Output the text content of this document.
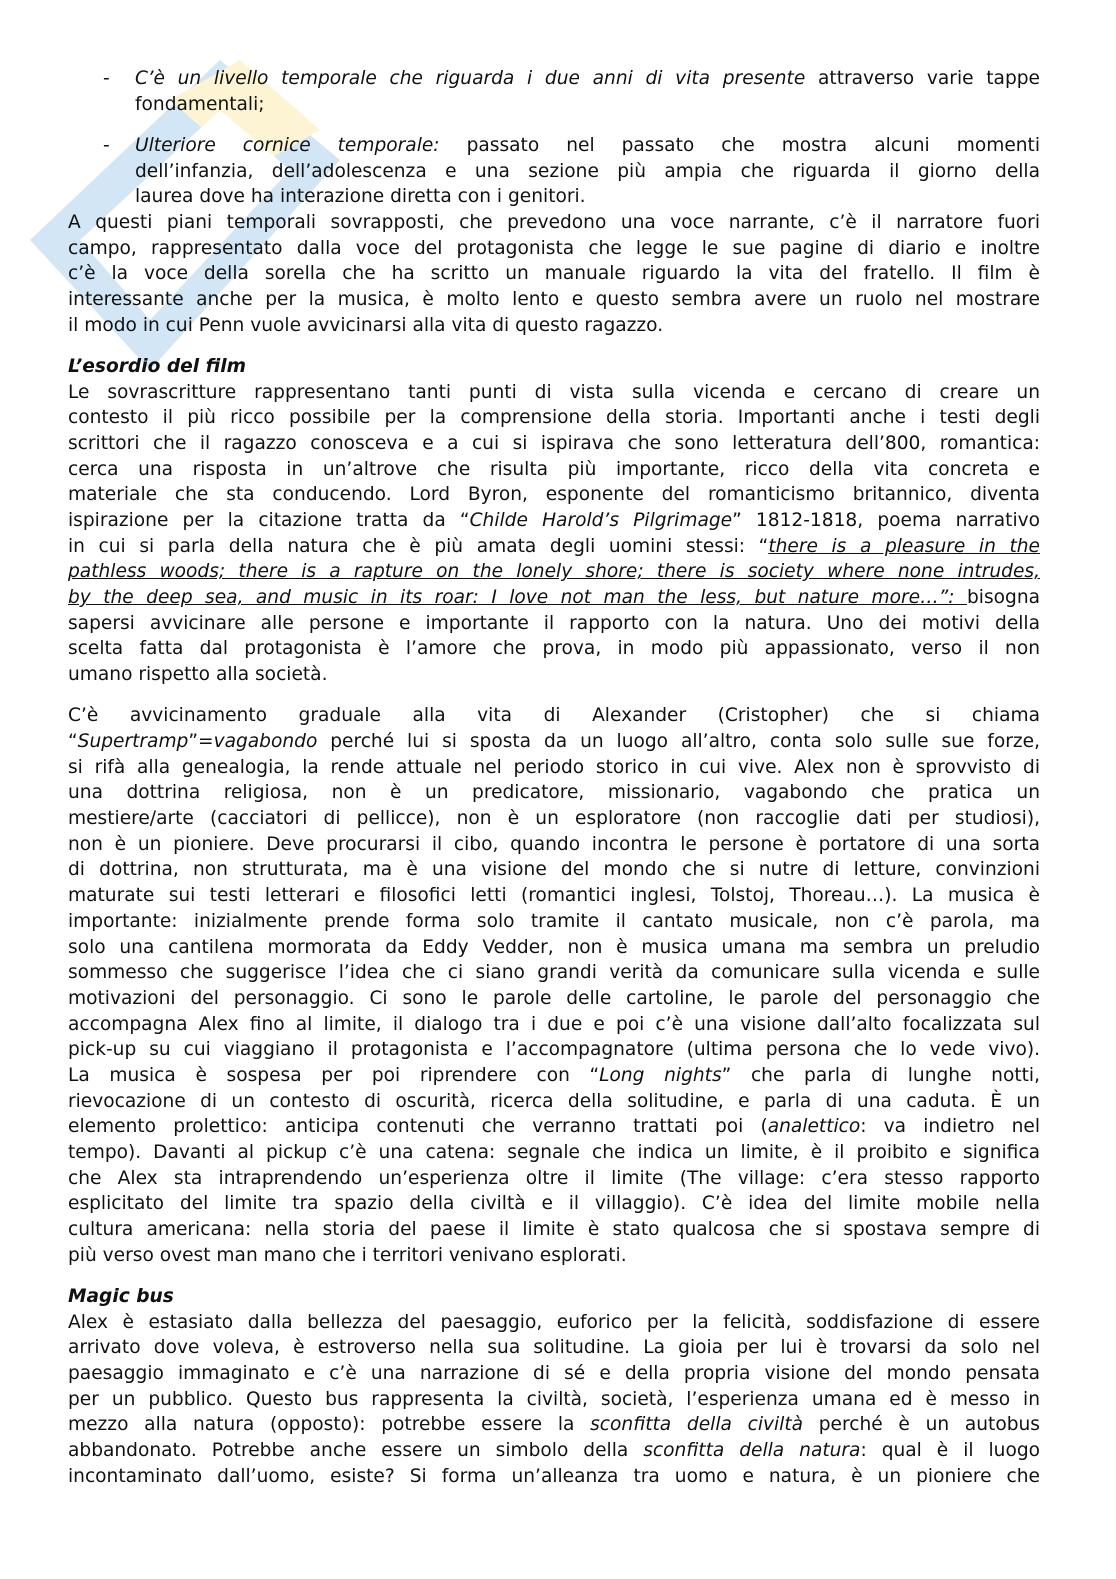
- C’è un livello temporale che riguarda i due anni di vita presente attraverso varie tappe
fondamentali;
- Ulteriore cornice temporale: passato nel passato che mostra alcuni momenti
dell’infanzia, dell’adolescenza e una sezione più ampia che riguarda il giorno della
laurea dove ha interazione diretta con i genitori.
A questi piani temporali sovrapposti, che prevedono una voce narrante, c’è il narratore fuori
campo, rappresentato dalla voce del protagonista che legge le sue pagine di diario e inoltre
c’è la voce della sorella che ha scritto un manuale riguardo la vita del fratello. Il film è
interessante anche per la musica, è molto lento e questo sembra avere un ruolo nel mostrare
il modo in cui Penn vuole avvicinarsi alla vita di questo ragazzo.
L’esordio del film
Le sovrascritture rappresentano tanti punti di vista sulla vicenda e cercano di creare un
contesto il più ricco possibile per la comprensione della storia. Importanti anche i testi degli
scrittori che il ragazzo conosceva e a cui si ispirava che sono letteratura dell’800, romantica:
cerca una risposta in un’altrove che risulta più importante, ricco della vita concreta e
materiale che sta conducendo. Lord Byron, esponente del romanticismo britannico, diventa
ispirazione per la citazione tratta da “Childe Harold’s Pilgrimage” 1812-1818, poema narrativo
in cui si parla della natura che è più amata degli uomini stessi: “there is a pleasure in the
pathless woods; there is a rapture on the lonely shore; there is society where none intrudes,
by the deep sea, and music in its roar: I love not man the less, but nature more…”: bisogna
sapersi avvicinare alle persone e importante il rapporto con la natura. Uno dei motivi della
scelta fatta dal protagonista è l’amore che prova, in modo più appassionato, verso il non
umano rispetto alla società.
C’è avvicinamento graduale alla vita di Alexander (Cristopher) che si chiama
“Supertramp”=vagabondo perché lui si sposta da un luogo all’altro, conta solo sulle sue forze,
si rifà alla genealogia, la rende attuale nel periodo storico in cui vive. Alex non è sprovvisto di
una dottrina religiosa, non è un predicatore, missionario, vagabondo che pratica un
mestiere/arte (cacciatori di pellicce), non è un esploratore (non raccoglie dati per studiosi),
non è un pioniere. Deve procurarsi il cibo, quando incontra le persone è portatore di una sorta
di dottrina, non strutturata, ma è una visione del mondo che si nutre di letture, convinzioni
maturate sui testi letterari e filosofici letti (romantici inglesi, Tolstoj, Thoreau…). La musica è
importante: inizialmente prende forma solo tramite il cantato musicale, non c’è parola, ma
solo una cantilena mormorata da Eddy Vedder, non è musica umana ma sembra un preludio
sommesso che suggerisce l’idea che ci siano grandi verità da comunicare sulla vicenda e sulle
motivazioni del personaggio. Ci sono le parole delle cartoline, le parole del personaggio che
accompagna Alex fino al limite, il dialogo tra i due e poi c’è una visione dall’alto focalizzata sul
pick-up su cui viaggiano il protagonista e l’accompagnatore (ultima persona che lo vede vivo).
La musica è sospesa per poi riprendere con “Long nights” che parla di lunghe notti,
rievocazione di un contesto di oscurità, ricerca della solitudine, e parla di una caduta. È un
elemento prolettico: anticipa contenuti che verranno trattati poi (analettico: va indietro nel
tempo). Davanti al pickup c’è una catena: segnale che indica un limite, è il proibito e significa
che Alex sta intraprendendo un’esperienza oltre il limite (The village: c’era stesso rapporto
esplicitato del limite tra spazio della civiltà e il villaggio). C’è idea del limite mobile nella
cultura americana: nella storia del paese il limite è stato qualcosa che si spostava sempre di
più verso ovest man mano che i territori venivano esplorati.
Magic bus
Alex è estasiato dalla bellezza del paesaggio, euforico per la felicità, soddisfazione di essere
arrivato dove voleva, è estroverso nella sua solitudine. La gioia per lui è trovarsi da solo nel
paesaggio immaginato e c’è una narrazione di sé e della propria visione del mondo pensata
per un pubblico. Questo bus rappresenta la civiltà, società, l’esperienza umana ed è messo in
mezzo alla natura (opposto): potrebbe essere la sconfitta della civiltà perché è un autobus
abbandonato. Potrebbe anche essere un simbolo della sconfitta della natura: qual è il luogo
incontaminato dall’uomo, esiste? Si forma un’alleanza tra uomo e natura, è un pioniere che
